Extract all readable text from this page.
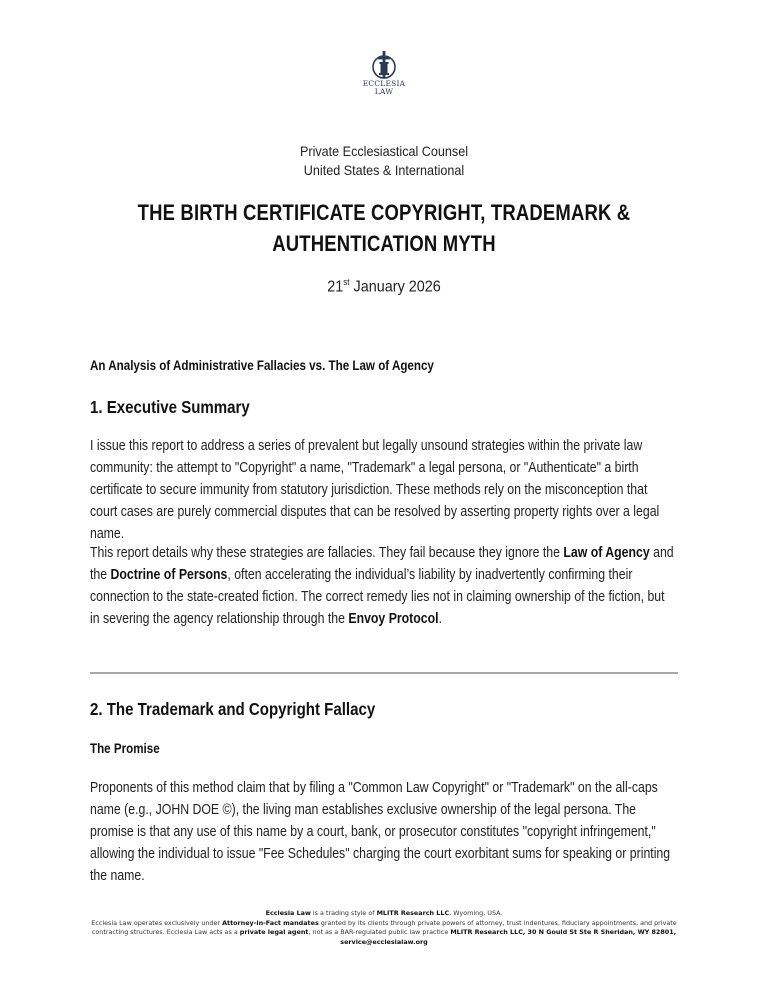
ECCLESIA
LAW
Private Ecclesiastical Counsel
United States & International
THE BIRTH CERTIFICATE COPYRIGHT, TRADEMARK &
AUTHENTICATION MYTH
21st January 2026
An Analysis of Administrative Fallacies vs. The Law of Agency
1. Executive Summary
I issue this report to address a series of prevalent but legally unsound strategies within the private law community: the attempt to "Copyright" a name, "Trademark" a legal persona, or "Authenticate" a birth certificate to secure immunity from statutory jurisdiction. These methods rely on the misconception that court cases are purely commercial disputes that can be resolved by asserting property rights over a legal name.
This report details why these strategies are fallacies. They fail because they ignore the Law of Agency and the Doctrine of Persons, often accelerating the individual’s liability by inadvertently confirming their connection to the state-created fiction. The correct remedy lies not in claiming ownership of the fiction, but in severing the agency relationship through the Envoy Protocol.
2. The Trademark and Copyright Fallacy
The Promise
Proponents of this method claim that by filing a "Common Law Copyright" or "Trademark" on the all-caps name (e.g., JOHN DOE ©), the living man establishes exclusive ownership of the legal persona. The promise is that any use of this name by a court, bank, or prosecutor constitutes "copyright infringement," allowing the individual to issue "Fee Schedules" charging the court exorbitant sums for speaking or printing the name.
Ecclesia Law is a trading style of MLITR Research LLC, Wyoming, USA.
Ecclesia Law operates exclusively under Attorney-in-Fact mandates granted by its clients through private powers of attorney, trust indentures, fiduciary appointments, and private contracting structures. Ecclesia Law acts as a private legal agent, not as a BAR-regulated public law practice MLITR Research LLC, 30 N Gould St Ste R Sheridan, WY 82801,
service@ecclesialaw.org
